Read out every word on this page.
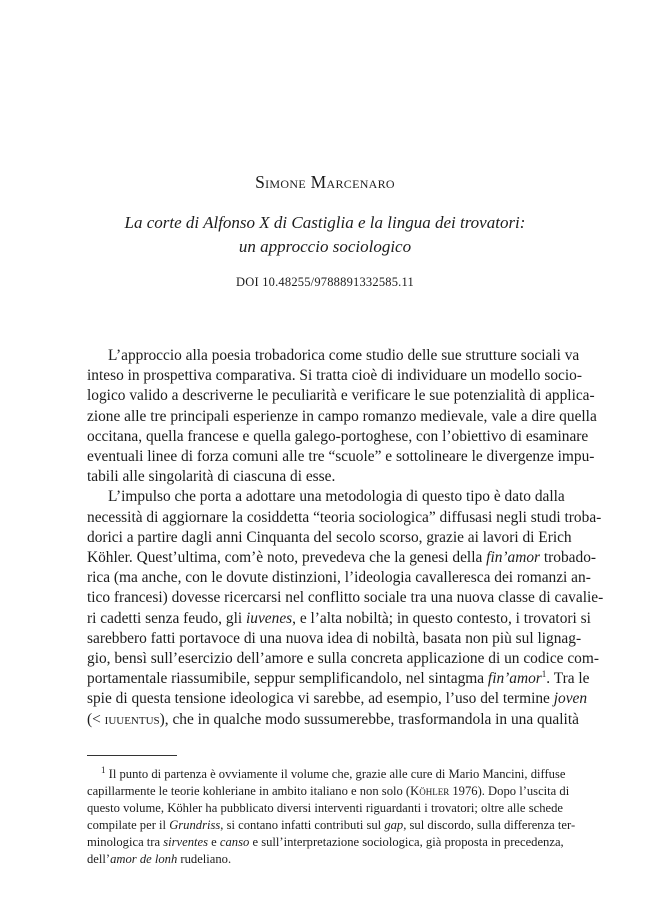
Simone Marcenaro
La corte di Alfonso X di Castiglia e la lingua dei trovatori:
un approccio sociologico
DOI 10.48255/9788891332585.11

L’approccio alla poesia trobadorica come studio delle sue strutture sociali va
inteso in prospettiva comparativa. Si tratta cioè di individuare un modello socio-
logico valido a descriverne le peculiarità e verificare le sue potenzialità di applica-
zione alle tre principali esperienze in campo romanzo medievale, vale a dire quella
occitana, quella francese e quella galego-portoghese, con l’obiettivo di esaminare
eventuali linee di forza comuni alle tre “scuole” e sottolineare le divergenze impu-
tabili alle singolarità di ciascuna di esse.

L’impulso che porta a adottare una metodologia di questo tipo è dato dalla
necessità di aggiornare la cosiddetta “teoria sociologica” diffusasi negli studi troba-
dorici a partire dagli anni Cinquanta del secolo scorso, grazie ai lavori di Erich
Köhler. Quest’ultima, com’è noto, prevedeva che la genesi della fin’amor trobado-
rica (ma anche, con le dovute distinzioni, l’ideologia cavalleresca dei romanzi an-
tico francesi) dovesse ricercarsi nel conflitto sociale tra una nuova classe di cavalie-
ri cadetti senza feudo, gli iuvenes, e l’alta nobiltà; in questo contesto, i trovatori si
sarebbero fatti portavoce di una nuova idea di nobiltà, basata non più sul lignag-
gio, bensì sull’esercizio dell’amore e sulla concreta applicazione di un codice com-
portamentale riassumibile, seppur semplificandolo, nel sintagma fin’amor$^1$. Tra le
spie di questa tensione ideologica vi sarebbe, ad esempio, l’uso del termine joven
(< iuuentus), che in qualche modo sussumerebbe, trasformandola in una qualità

$^1$ Il punto di partenza è ovviamente il volume che, grazie alle cure di Mario Mancini, diffuse
capillarmente le teorie kohleriane in ambito italiano e non solo (Köhler 1976). Dopo l’uscita di
questo volume, Köhler ha pubblicato diversi interventi riguardanti i trovatori; oltre alle schede
compilate per il Grundriss, si contano infatti contributi sul gap, sul discordo, sulla differenza ter-
minologica tra sirventes e canso e sull’interpretazione sociologica, già proposta in precedenza,
dell’amor de lonh rudeliano.
